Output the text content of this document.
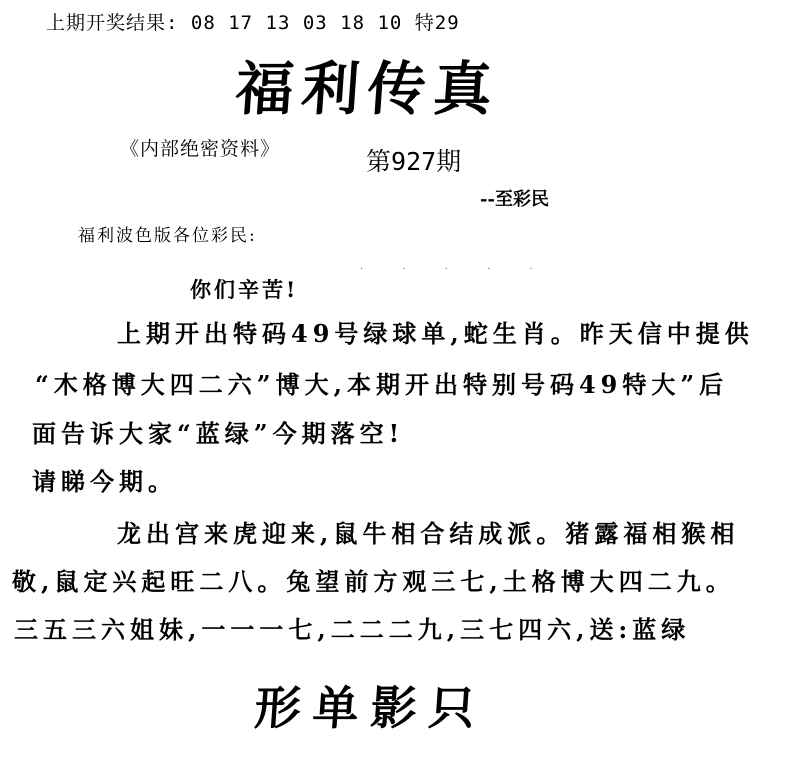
上期开奖结果: 08 17 13 03 18 10 特29
福利传真
《内部绝密资料》	第927期
--至彩民
福利波色版各位彩民:
· · · · ·
你们辛苦!
上期开出特码49号绿球单,蛇生肖。昨天信中提供
“木格博大四二六”博大,本期开出特别号码49特大”后
面告诉大家“蓝绿”今期落空!
请睇今期。
龙出宫来虎迎来,鼠牛相合结成派。猪露福相猴相
敬,鼠定兴起旺二八。兔望前方观三七,土格博大四二九。
三五三六姐妹,一一一七,二二二九,三七四六,送:蓝绿
形单影只
